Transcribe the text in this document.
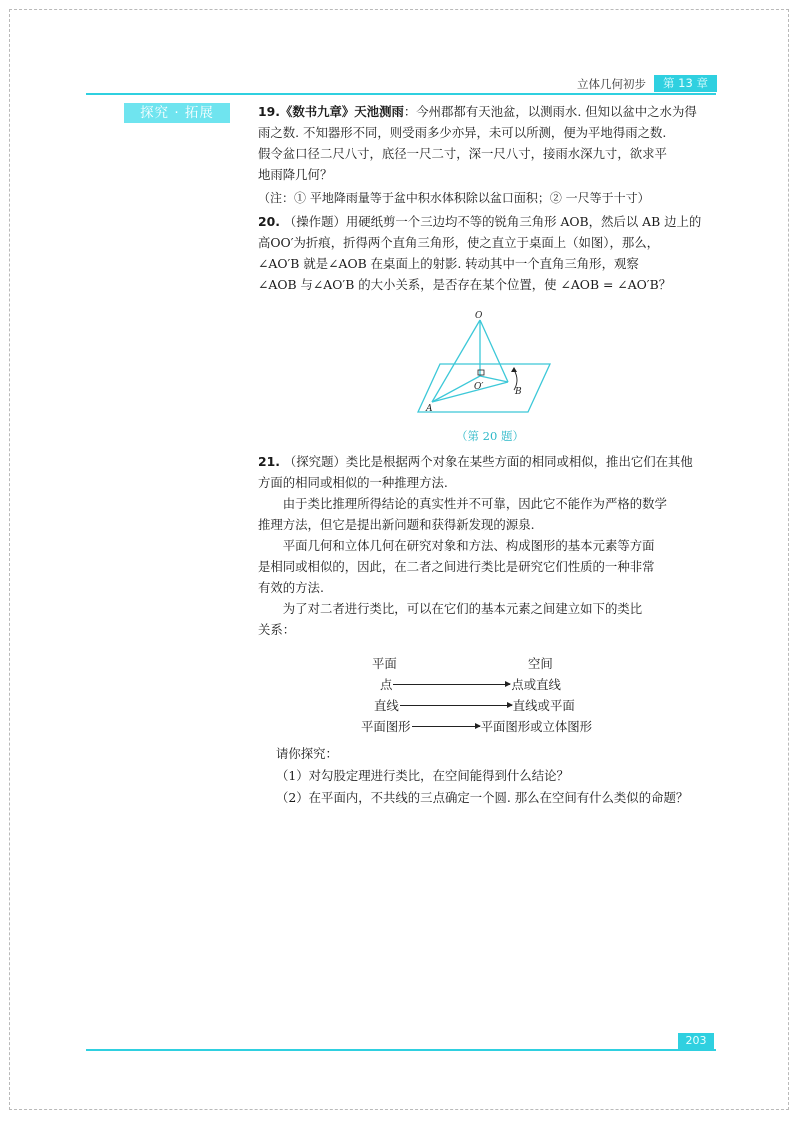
立体几何初步	第 13 章
探究 · 拓展	19.《数书九章》天池测雨：今州郡都有天池盆，以测雨水. 但知以盆中之水为得

雨之数. 不知器形不同，则受雨多少亦异，未可以所测，便为平地得雨之数.

假令盆口径二尺八寸，底径一尺二寸，深一尺八寸，接雨水深九寸，欲求平

地雨降几何？

（注：① 平地降雨量等于盆中积水体积除以盆口面积；② 一尺等于十寸）

20. （操作题）用硬纸剪一个三边均不等的锐角三角形 AOB，然后以 AB 边上的

高OO′为折痕，折得两个直角三角形，使之直立于桌面上（如图），那么，

∠AO′B 就是∠AOB 在桌面上的射影. 转动其中一个直角三角形，观察

∠AOB 与∠AO′B 的大小关系，是否存在某个位置，使 ∠AOB = ∠AO′B？

O
O′
A
B
（第 20 题）

21. （探究题）类比是根据两个对象在某些方面的相同或相似，推出它们在其他

方面的相同或相似的一种推理方法.

由于类比推理所得结论的真实性并不可靠，因此它不能作为严格的数学

推理方法，但它是提出新问题和获得新发现的源泉.

平面几何和立体几何在研究对象和方法、构成图形的基本元素等方面

是相同或相似的，因此，在二者之间进行类比是研究它们性质的一种非常

有效的方法.

为了对二者进行类比，可以在它们的基本元素之间建立如下的类比

关系：

平面	空间
点	点或直线
直线	直线或平面
平面图形	平面图形或立体图形
请你探究：
（1）对勾股定理进行类比，在空间能得到什么结论？
（2）在平面内，不共线的三点确定一个圆. 那么在空间有什么类似的命题？
203
